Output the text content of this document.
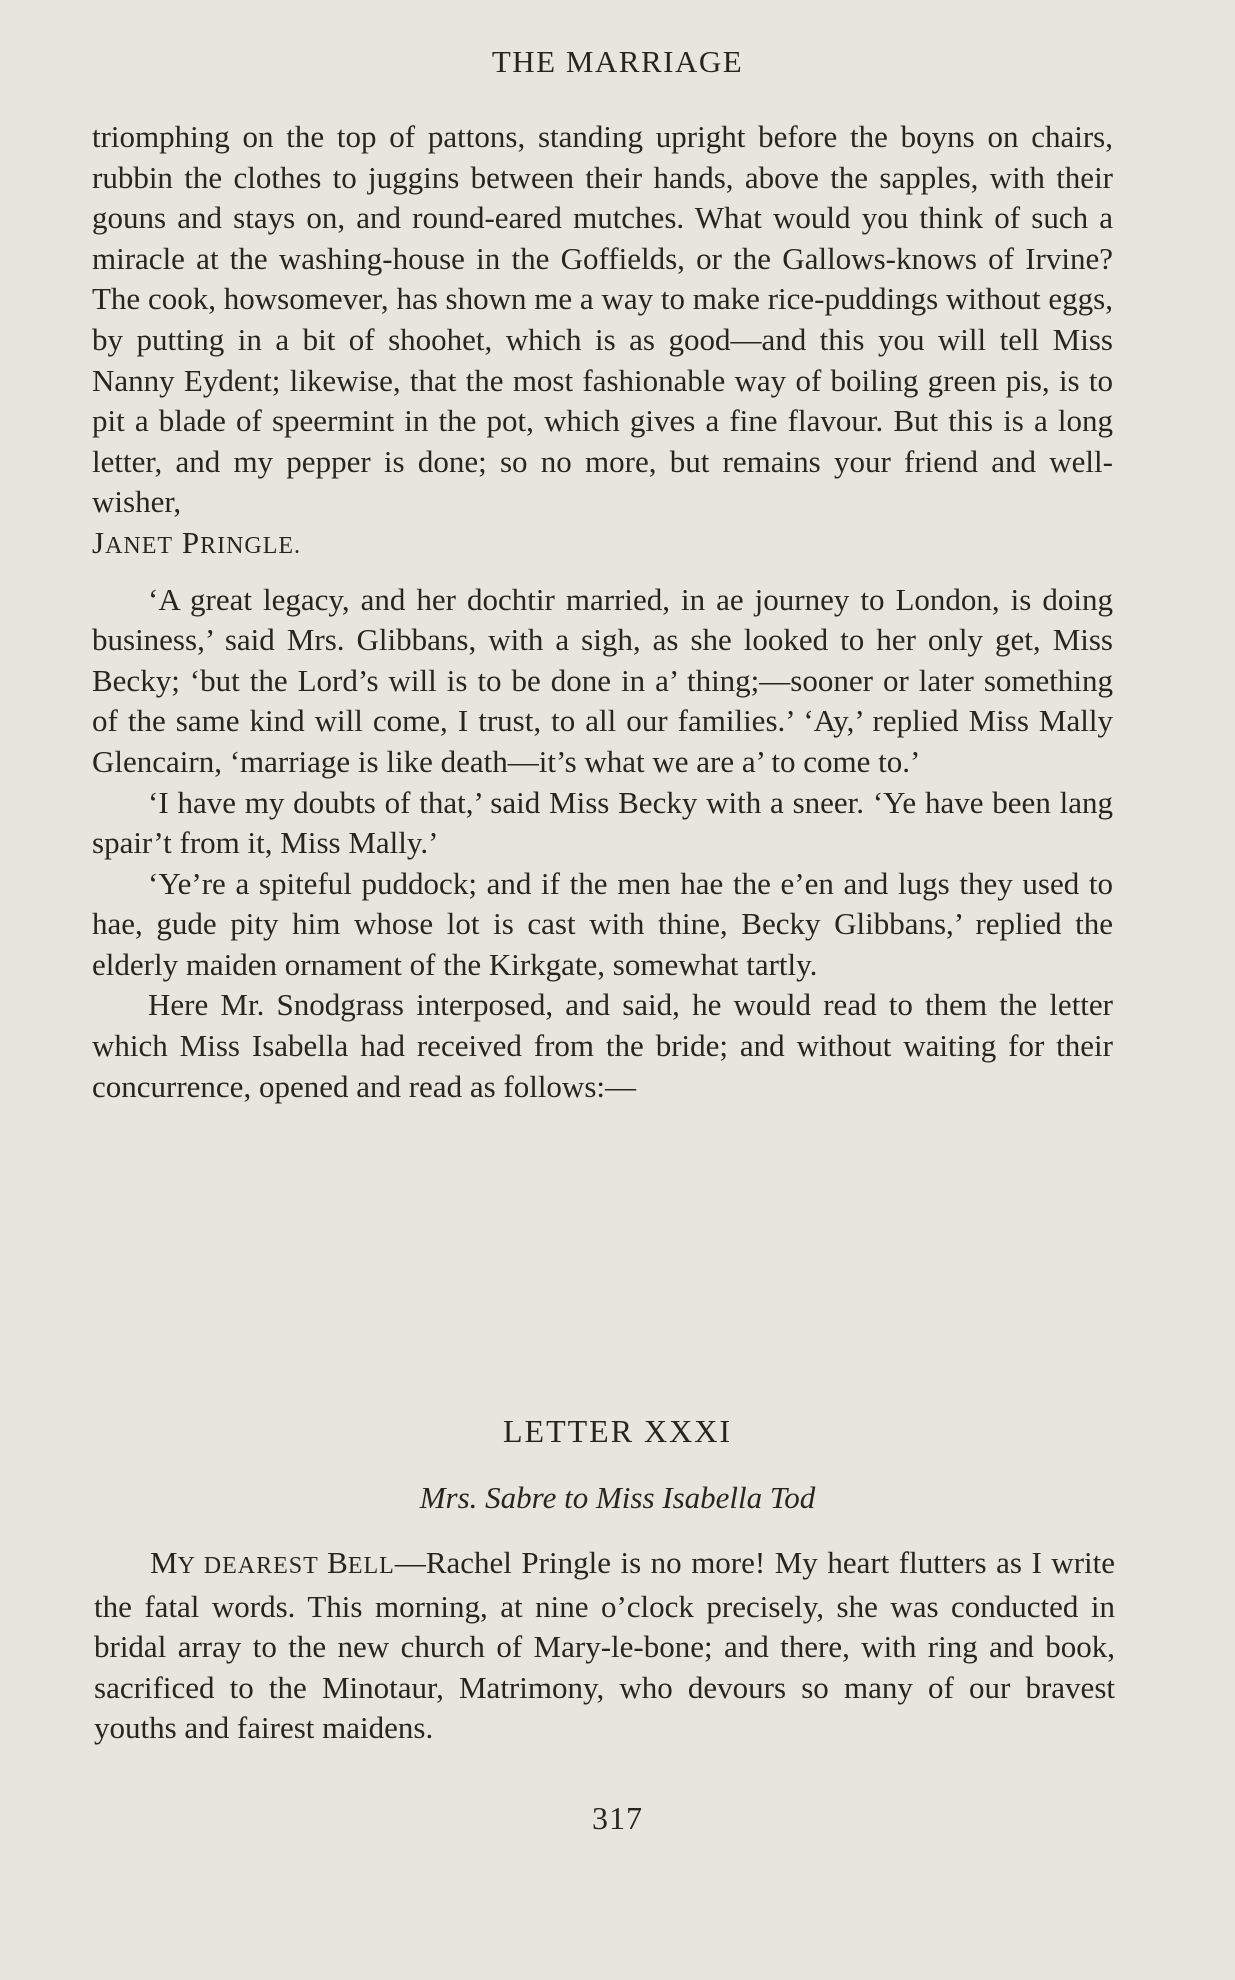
THE MARRIAGE

triomphing on the top of pattons, standing upright before the boyns on chairs, rubbin the clothes to juggins between their hands, above the sapples, with their gouns and stays on, and round-eared mutches. What would you think of such a miracle at the washing-house in the Goffields, or the Gallows-knows of Irvine? The cook, howsomever, has shown me a way to make rice-puddings without eggs, by putting in a bit of shoohet, which is as good—and this you will tell Miss Nanny Eydent; likewise, that the most fashionable way of boiling green pis, is to pit a blade of speermint in the pot, which gives a fine flavour. But this is a long letter, and my pepper is done; so no more, but remains your friend and well-wisher,

JANET PRINGLE.

‘A great legacy, and her dochtir married, in ae journey to London, is doing business,’ said Mrs. Glibbans, with a sigh, as she looked to her only get, Miss Becky; ‘but the Lord’s will is to be done in a’ thing;—sooner or later something of the same kind will come, I trust, to all our families.’ ‘Ay,’ replied Miss Mally Glencairn, ‘marriage is like death—it’s what we are a’ to come to.’

‘I have my doubts of that,’ said Miss Becky with a sneer. ‘Ye have been lang spair’t from it, Miss Mally.’

‘Ye’re a spiteful puddock; and if the men hae the e’en and lugs they used to hae, gude pity him whose lot is cast with thine, Becky Glibbans,’ replied the elderly maiden ornament of the Kirkgate, somewhat tartly.

Here Mr. Snodgrass interposed, and said, he would read to them the letter which Miss Isabella had received from the bride; and without waiting for their concurrence, opened and read as follows:—

LETTER XXXI
Mrs. Sabre to Miss Isabella Tod

MY DEAREST BELL—Rachel Pringle is no more! My heart flutters as I write the fatal words. This morning, at nine o’clock precisely, she was conducted in bridal array to the new church of Mary-le-bone; and there, with ring and book, sacrificed to the Minotaur, Matrimony, who devours so many of our bravest youths and fairest maidens.

317
